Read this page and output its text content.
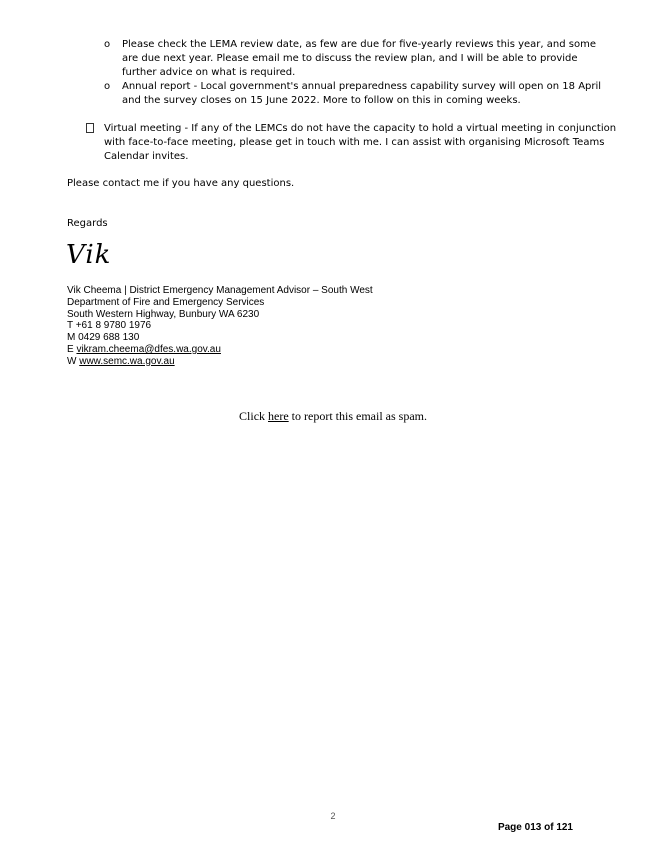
o Please check the LEMA review date, as few are due for five-yearly reviews this year, and some are due next year. Please email me to discuss the review plan, and I will be able to provide further advice on what is required.
o Annual report - Local government's annual preparedness capability survey will open on 18 April and the survey closes on 15 June 2022. More to follow on this in coming weeks.
Virtual meeting - If any of the LEMCs do not have the capacity to hold a virtual meeting in conjunction with face-to-face meeting, please get in touch with me. I can assist with organising Microsoft Teams Calendar invites.
Please contact me if you have any questions.
Regards
Vik
Vik Cheema | District Emergency Management Advisor – South West
Department of Fire and Emergency Services
South Western Highway, Bunbury WA 6230
T +61 8 9780 1976
M 0429 688 130
E vikram.cheema@dfes.wa.gov.au
W www.semc.wa.gov.au
Click here to report this email as spam.
2
Page 013 of 121
